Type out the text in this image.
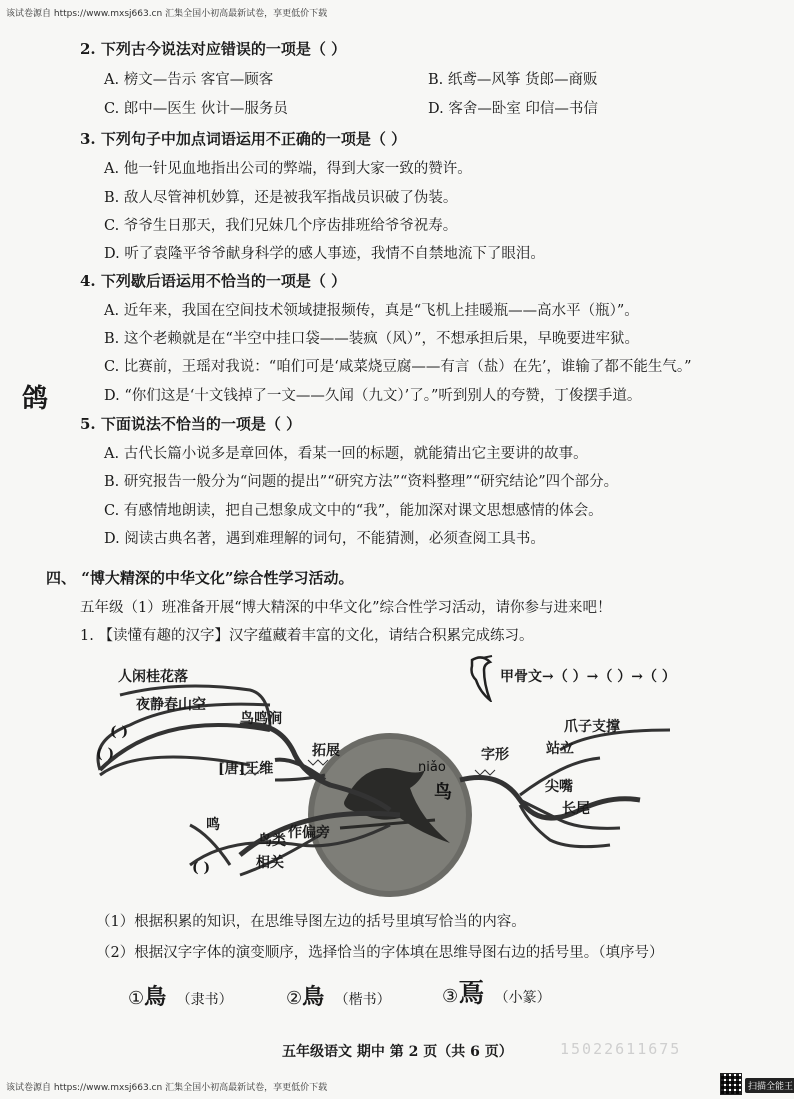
该试卷源自 https://www.mxsj663.cn 汇集全国小初高最新试卷，享更低价下载
2. 下列古今说法对应错误的一项是（ ）
A. 榜文—告示 客官—顾客	B. 纸鸢—风筝 货郎—商贩
C. 郎中—医生 伙计—服务员	D. 客舍—卧室 印信—书信
3. 下列句子中加点词语运用不正确的一项是（ ）
A. 他一针见血地指出公司的弊端，得到大家一致的赞许。
B. 敌人尽管神机妙算，还是被我军指战员识破了伪装。
C. 爷爷生日那天，我们兄妹几个序齿排班给爷爷祝寿。
D. 听了袁隆平爷爷献身科学的感人事迹，我情不自禁地流下了眼泪。
4. 下列歇后语运用不恰当的一项是（ ）
A. 近年来，我国在空间技术领域捷报频传，真是“飞机上挂暖瓶——高水平（瓶）”。
B. 这个老赖就是在“半空中挂口袋——装疯（风）”，不想承担后果，早晚要进牢狱。
C. 比赛前，王瑶对我说：“咱们可是‘咸菜烧豆腐——有言（盐）在先’，谁输了都不能生气。”
D. “你们这是‘十文钱掉了一文——久闻（九文）’了。”听到别人的夸赞，丁俊摆手道。
鸽
5. 下面说法不恰当的一项是（ ）
A. 古代长篇小说多是章回体，看某一回的标题，就能猜出它主要讲的故事。
B. 研究报告一般分为“问题的提出”“研究方法”“资料整理”“研究结论”四个部分。
C. 有感情地朗读，把自己想象成文中的“我”，能加深对课文思想感情的体会。
D. 阅读古典名著，遇到难理解的词句，不能猜测，必须查阅工具书。
四、 “博大精深的中华文化”综合性学习活动。
五年级（1）班准备开展“博大精深的中华文化”综合性学习活动，请你参与进来吧！
1. 【读懂有趣的汉字】汉字蕴藏着丰富的文化，请结合积累完成练习。
人闲桂花落
夜静春山空
鸟鸣涧
( )
( )
[唐]王维
拓展
niǎo
鸟
字形
爪子支撑
站立
尖嘴
长尾
作偏旁
鸟类
相关
鸣
( )
甲骨文→（ ）→（ ）→（ ）
（1）根据积累的知识，在思维导图左边的括号里填写恰当的内容。
（2）根据汉字字体的演变顺序，选择恰当的字体填在思维导图右边的括号里。（填序号）
①鳥 （隶书）	②鳥 （楷书）	③𩾏 （小篆）
五年级语文 期中 第 2 页（共 6 页）	15022611675
该试卷源自 https://www.mxsj663.cn 汇集全国小初高最新试卷，享更低价下载	扫描全能王
